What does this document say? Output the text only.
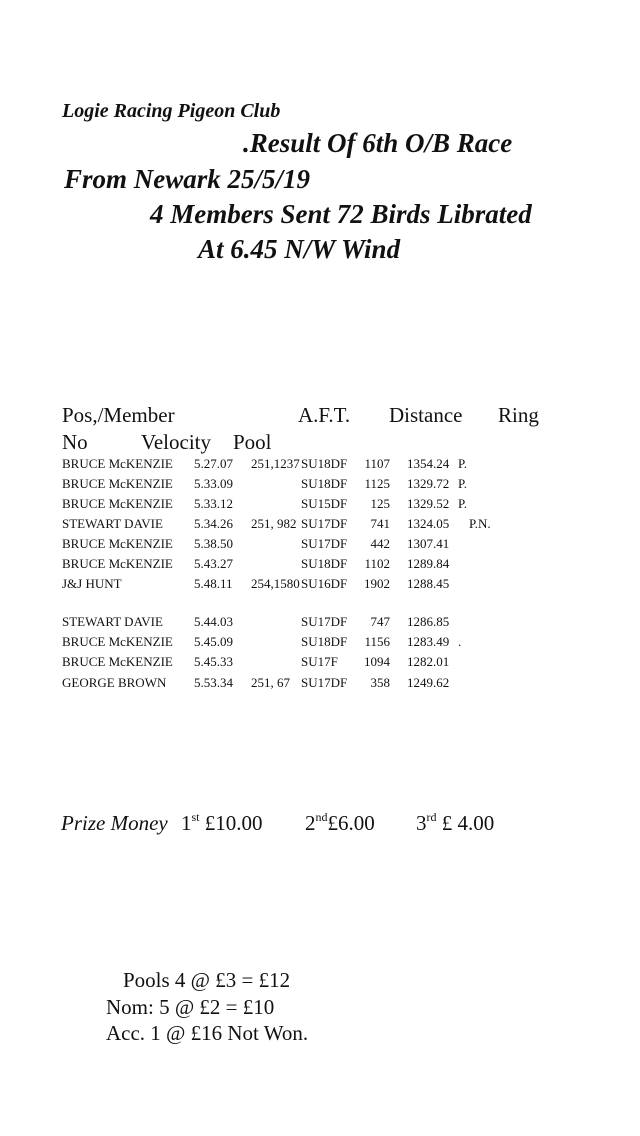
Logie Racing Pigeon Club
.Result Of 6th O/B Race
From Newark 25/5/19
4 Members Sent 72 Birds Librated
At 6.45 N/W Wind
Pos,/Member	A.F.T. Distance Ring
No	Velocity Pool
BRUCE McKENZIE 5.27.07 251,1237 SU18DF 1107 1354.24 P.
BRUCE McKENZIE 5.33.09	SU18DF 1125 1329.72 P.
BRUCE McKENZIE 5.33.12	SU15DF	125 1329.52 P.
STEWART DAVIE 5.34.26 251, 982 SU17DF	741 1324.05 P.N.
BRUCE McKENZIE 5.38.50	SU17DF	442 1307.41
BRUCE McKENZIE 5.43.27	SU18DF 1102 1289.84
J&J HUNT	5.48.11 254,1580 SU16DF 1902 1288.45
STEWART DAVIE 5.44.03	SU17DF	747 1286.85
BRUCE McKENZIE 5.45.09	SU18DF 1156 1283.49 .
BRUCE McKENZIE 5.45.33	SU17F 1094 1282.01
GEORGE BROWN 5.53.34 251, 67 SU17DF	358 1249.62
Prize Money 1st £10.00 2nd£6.00 3rd £ 4.00
Pools 4 @ £3 = £12
Nom: 5 @ £2 = £10
Acc. 1 @ £16 Not Won.
